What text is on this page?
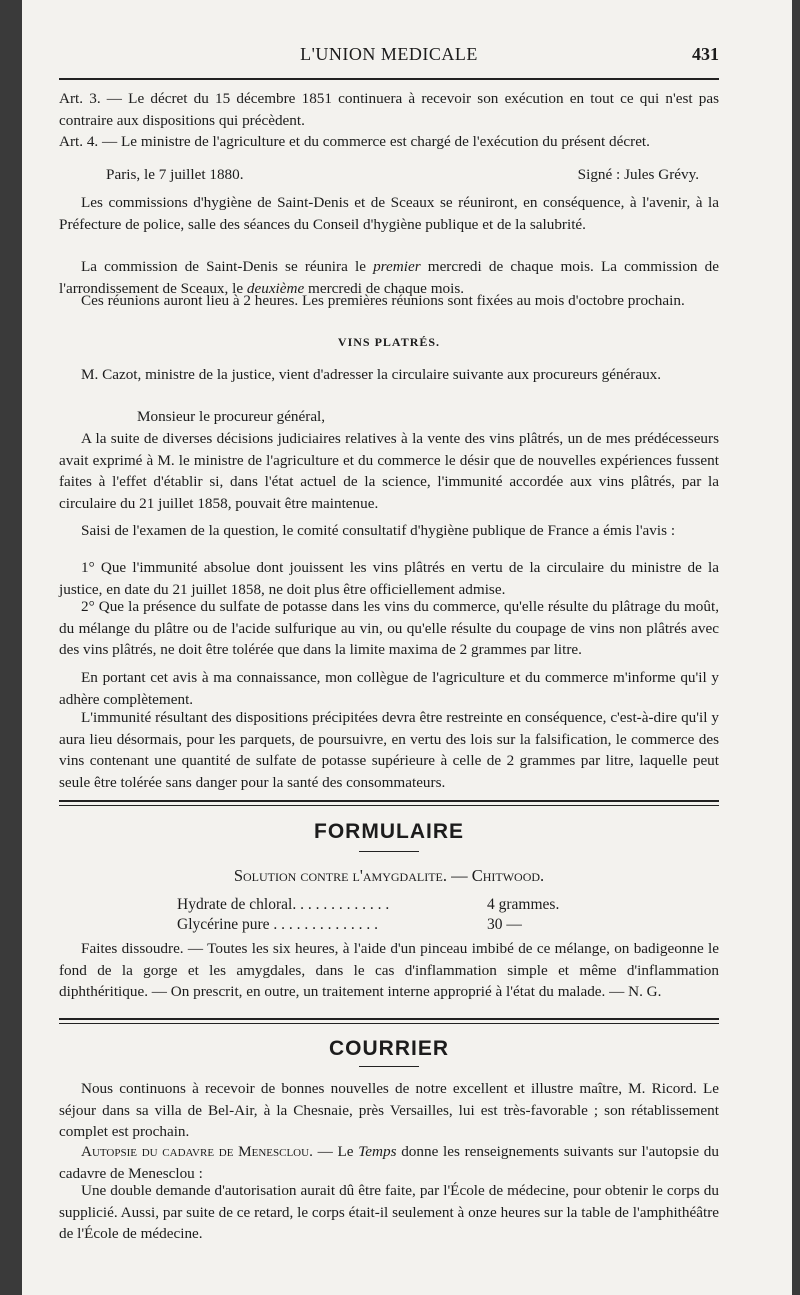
L'UNION MEDICALE	431

Art. 3. — Le décret du 15 décembre 1851 continuera à recevoir son exécution en tout ce qui n'est pas contraire aux dispositions qui précèdent.

Art. 4. — Le ministre de l'agriculture et du commerce est chargé de l'exécution du présent décret.

Paris, le 7 juillet 1880.	Signé : Jules Grévy.

Les commissions d'hygiène de Saint-Denis et de Sceaux se réuniront, en conséquence, à l'avenir, à la Préfecture de police, salle des séances du Conseil d'hygiène publique et de la salubrité.

La commission de Saint-Denis se réunira le premier mercredi de chaque mois. La commission de l'arrondissement de Sceaux, le deuxième mercredi de chaque mois.

Ces réunions auront lieu à 2 heures. Les premières réunions sont fixées au mois d'octobre prochain.

VINS PLATRÉS.

M. Cazot, ministre de la justice, vient d'adresser la circulaire suivante aux procureurs généraux.

Monsieur le procureur général,

A la suite de diverses décisions judiciaires relatives à la vente des vins plâtrés, un de mes prédécesseurs avait exprimé à M. le ministre de l'agriculture et du commerce le désir que de nouvelles expériences fussent faites à l'effet d'établir si, dans l'état actuel de la science, l'immunité accordée aux vins plâtrés, par la circulaire du 21 juillet 1858, pouvait être maintenue.

Saisi de l'examen de la question, le comité consultatif d'hygiène publique de France a émis l'avis :

1° Que l'immunité absolue dont jouissent les vins plâtrés en vertu de la circulaire du ministre de la justice, en date du 21 juillet 1858, ne doit plus être officiellement admise.

2° Que la présence du sulfate de potasse dans les vins du commerce, qu'elle résulte du plâtrage du moût, du mélange du plâtre ou de l'acide sulfurique au vin, ou qu'elle résulte du coupage de vins non plâtrés avec des vins plâtrés, ne doit être tolérée que dans la limite maxima de 2 grammes par litre.

En portant cet avis à ma connaissance, mon collègue de l'agriculture et du commerce m'informe qu'il y adhère complètement.

L'immunité résultant des dispositions précipitées devra être restreinte en conséquence, c'est-à-dire qu'il y aura lieu désormais, pour les parquets, de poursuivre, en vertu des lois sur la falsification, le commerce des vins contenant une quantité de sulfate de potasse supérieure à celle de 2 grammes par litre, laquelle peut seule être tolérée sans danger pour la santé des consommateurs.

FORMULAIRE
Solution contre l'amygdalite. — Chitwood.
Hydrate de chloral. . . . . . . . . . . . .	4 grammes.
Glycérine pure . . . . . . . . . . . . . .	30 —

Faites dissoudre. — Toutes les six heures, à l'aide d'un pinceau imbibé de ce mélange, on badigeonne le fond de la gorge et les amygdales, dans le cas d'inflammation simple et même d'inflammation diphthéritique. — On prescrit, en outre, un traitement interne approprié à l'état du malade. — N. G.

COURRIER

Nous continuons à recevoir de bonnes nouvelles de notre excellent et illustre maître, M. Ricord. Le séjour dans sa villa de Bel-Air, à la Chesnaie, près Versailles, lui est très-favorable ; son rétablissement complet est prochain.

Autopsie du cadavre de Menesclou. — Le Temps donne les renseignements suivants sur l'autopsie du cadavre de Menesclou :

Une double demande d'autorisation aurait dû être faite, par l'École de médecine, pour obtenir le corps du supplicié. Aussi, par suite de ce retard, le corps était-il seulement à onze heures sur la table de l'amphithéâtre de l'École de médecine.
